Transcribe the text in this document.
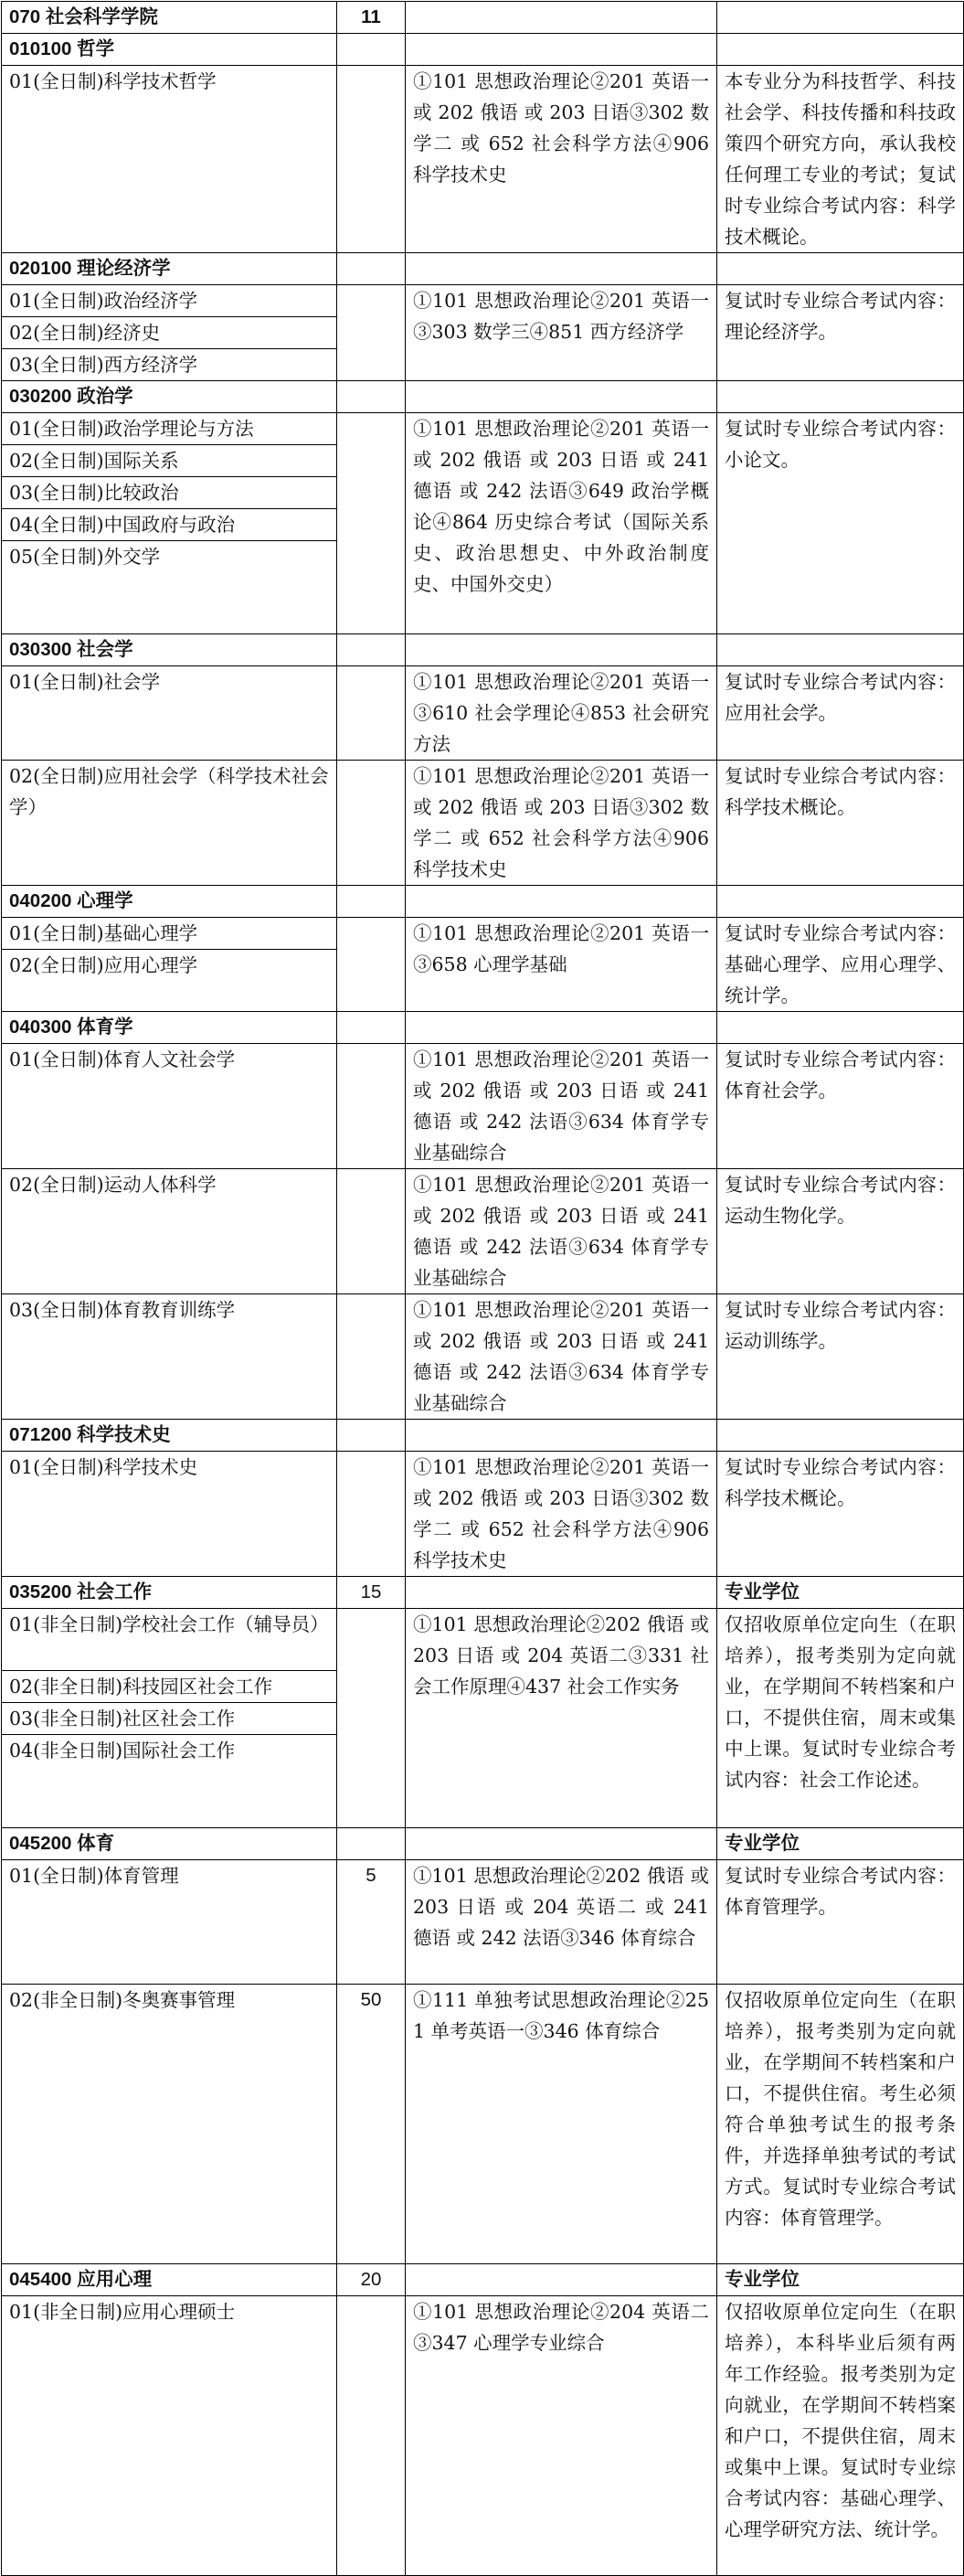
070 社会科学学院	11		
010100 哲学			
01(全日制)科学技术哲学		①101 思想政治理论②201 英语一 或 202 俄语 或 203 日语③302 数学二 或 652 社会科学方法④906 科学技术史	本专业分为科技哲学、科技社会学、科技传播和科技政策四个研究方向，承认我校任何理工专业的考试；复试时专业综合考试内容：科学技术概论。
020100 理论经济学			
01(全日制)政治经济学		①101 思想政治理论②201 英语一③303 数学三④851 西方经济学	复试时专业综合考试内容：理论经济学。
02(全日制)经济史			
03(全日制)西方经济学			
030200 政治学			
01(全日制)政治学理论与方法		①101 思想政治理论②201 英语一 或 202 俄语 或 203 日语 或 241 德语 或 242 法语③649 政治学概论④864 历史综合考试（国际关系史、政治思想史、中外政治制度史、中国外交史）	复试时专业综合考试内容：小论文。
02(全日制)国际关系			
03(全日制)比较政治			
04(全日制)中国政府与政治			
05(全日制)外交学			
030300 社会学			
01(全日制)社会学		①101 思想政治理论②201 英语一③610 社会学理论④853 社会研究方法	复试时专业综合考试内容：应用社会学。
02(全日制)应用社会学（科学技术社会学）		①101 思想政治理论②201 英语一 或 202 俄语 或 203 日语③302 数学二 或 652 社会科学方法④906 科学技术史	复试时专业综合考试内容：科学技术概论。
040200 心理学			
01(全日制)基础心理学		①101 思想政治理论②201 英语一③658 心理学基础	复试时专业综合考试内容：基础心理学、应用心理学、统计学。
02(全日制)应用心理学			
040300 体育学			
01(全日制)体育人文社会学		①101 思想政治理论②201 英语一 或 202 俄语 或 203 日语 或 241 德语 或 242 法语③634 体育学专业基础综合	复试时专业综合考试内容：体育社会学。
02(全日制)运动人体科学		①101 思想政治理论②201 英语一 或 202 俄语 或 203 日语 或 241 德语 或 242 法语③634 体育学专业基础综合	复试时专业综合考试内容：运动生物化学。
03(全日制)体育教育训练学		①101 思想政治理论②201 英语一 或 202 俄语 或 203 日语 或 241 德语 或 242 法语③634 体育学专业基础综合	复试时专业综合考试内容：运动训练学。
071200 科学技术史			
01(全日制)科学技术史		①101 思想政治理论②201 英语一 或 202 俄语 或 203 日语③302 数学二 或 652 社会科学方法④906 科学技术史	复试时专业综合考试内容：科学技术概论。
035200 社会工作	15		专业学位
01(非全日制)学校社会工作（辅导员）		①101 思想政治理论②202 俄语 或 203 日语 或 204 英语二③331 社会工作原理④437 社会工作实务	仅招收原单位定向生（在职培养），报考类别为定向就业，在学期间不转档案和户口，不提供住宿，周末或集中上课。复试时专业综合考试内容：社会工作论述。
02(非全日制)科技园区社会工作			
03(非全日制)社区社会工作			
04(非全日制)国际社会工作			
045200 体育			专业学位
01(全日制)体育管理	5	①101 思想政治理论②202 俄语 或 203 日语 或 204 英语二 或 241 德语 或 242 法语③346 体育综合	复试时专业综合考试内容：体育管理学。
02(非全日制)冬奥赛事管理	50	①111 单独考试思想政治理论②251 单考英语一③346 体育综合	仅招收原单位定向生（在职培养），报考类别为定向就业，在学期间不转档案和户口，不提供住宿。考生必须符合单独考试生的报考条件，并选择单独考试的考试方式。复试时专业综合考试内容：体育管理学。
045400 应用心理	20		专业学位
01(非全日制)应用心理硕士		①101 思想政治理论②204 英语二③347 心理学专业综合	仅招收原单位定向生（在职培养），本科毕业后须有两年工作经验。报考类别为定向就业，在学期间不转档案和户口，不提供住宿，周末或集中上课。复试时专业综合考试内容：基础心理学、心理学研究方法、统计学。
